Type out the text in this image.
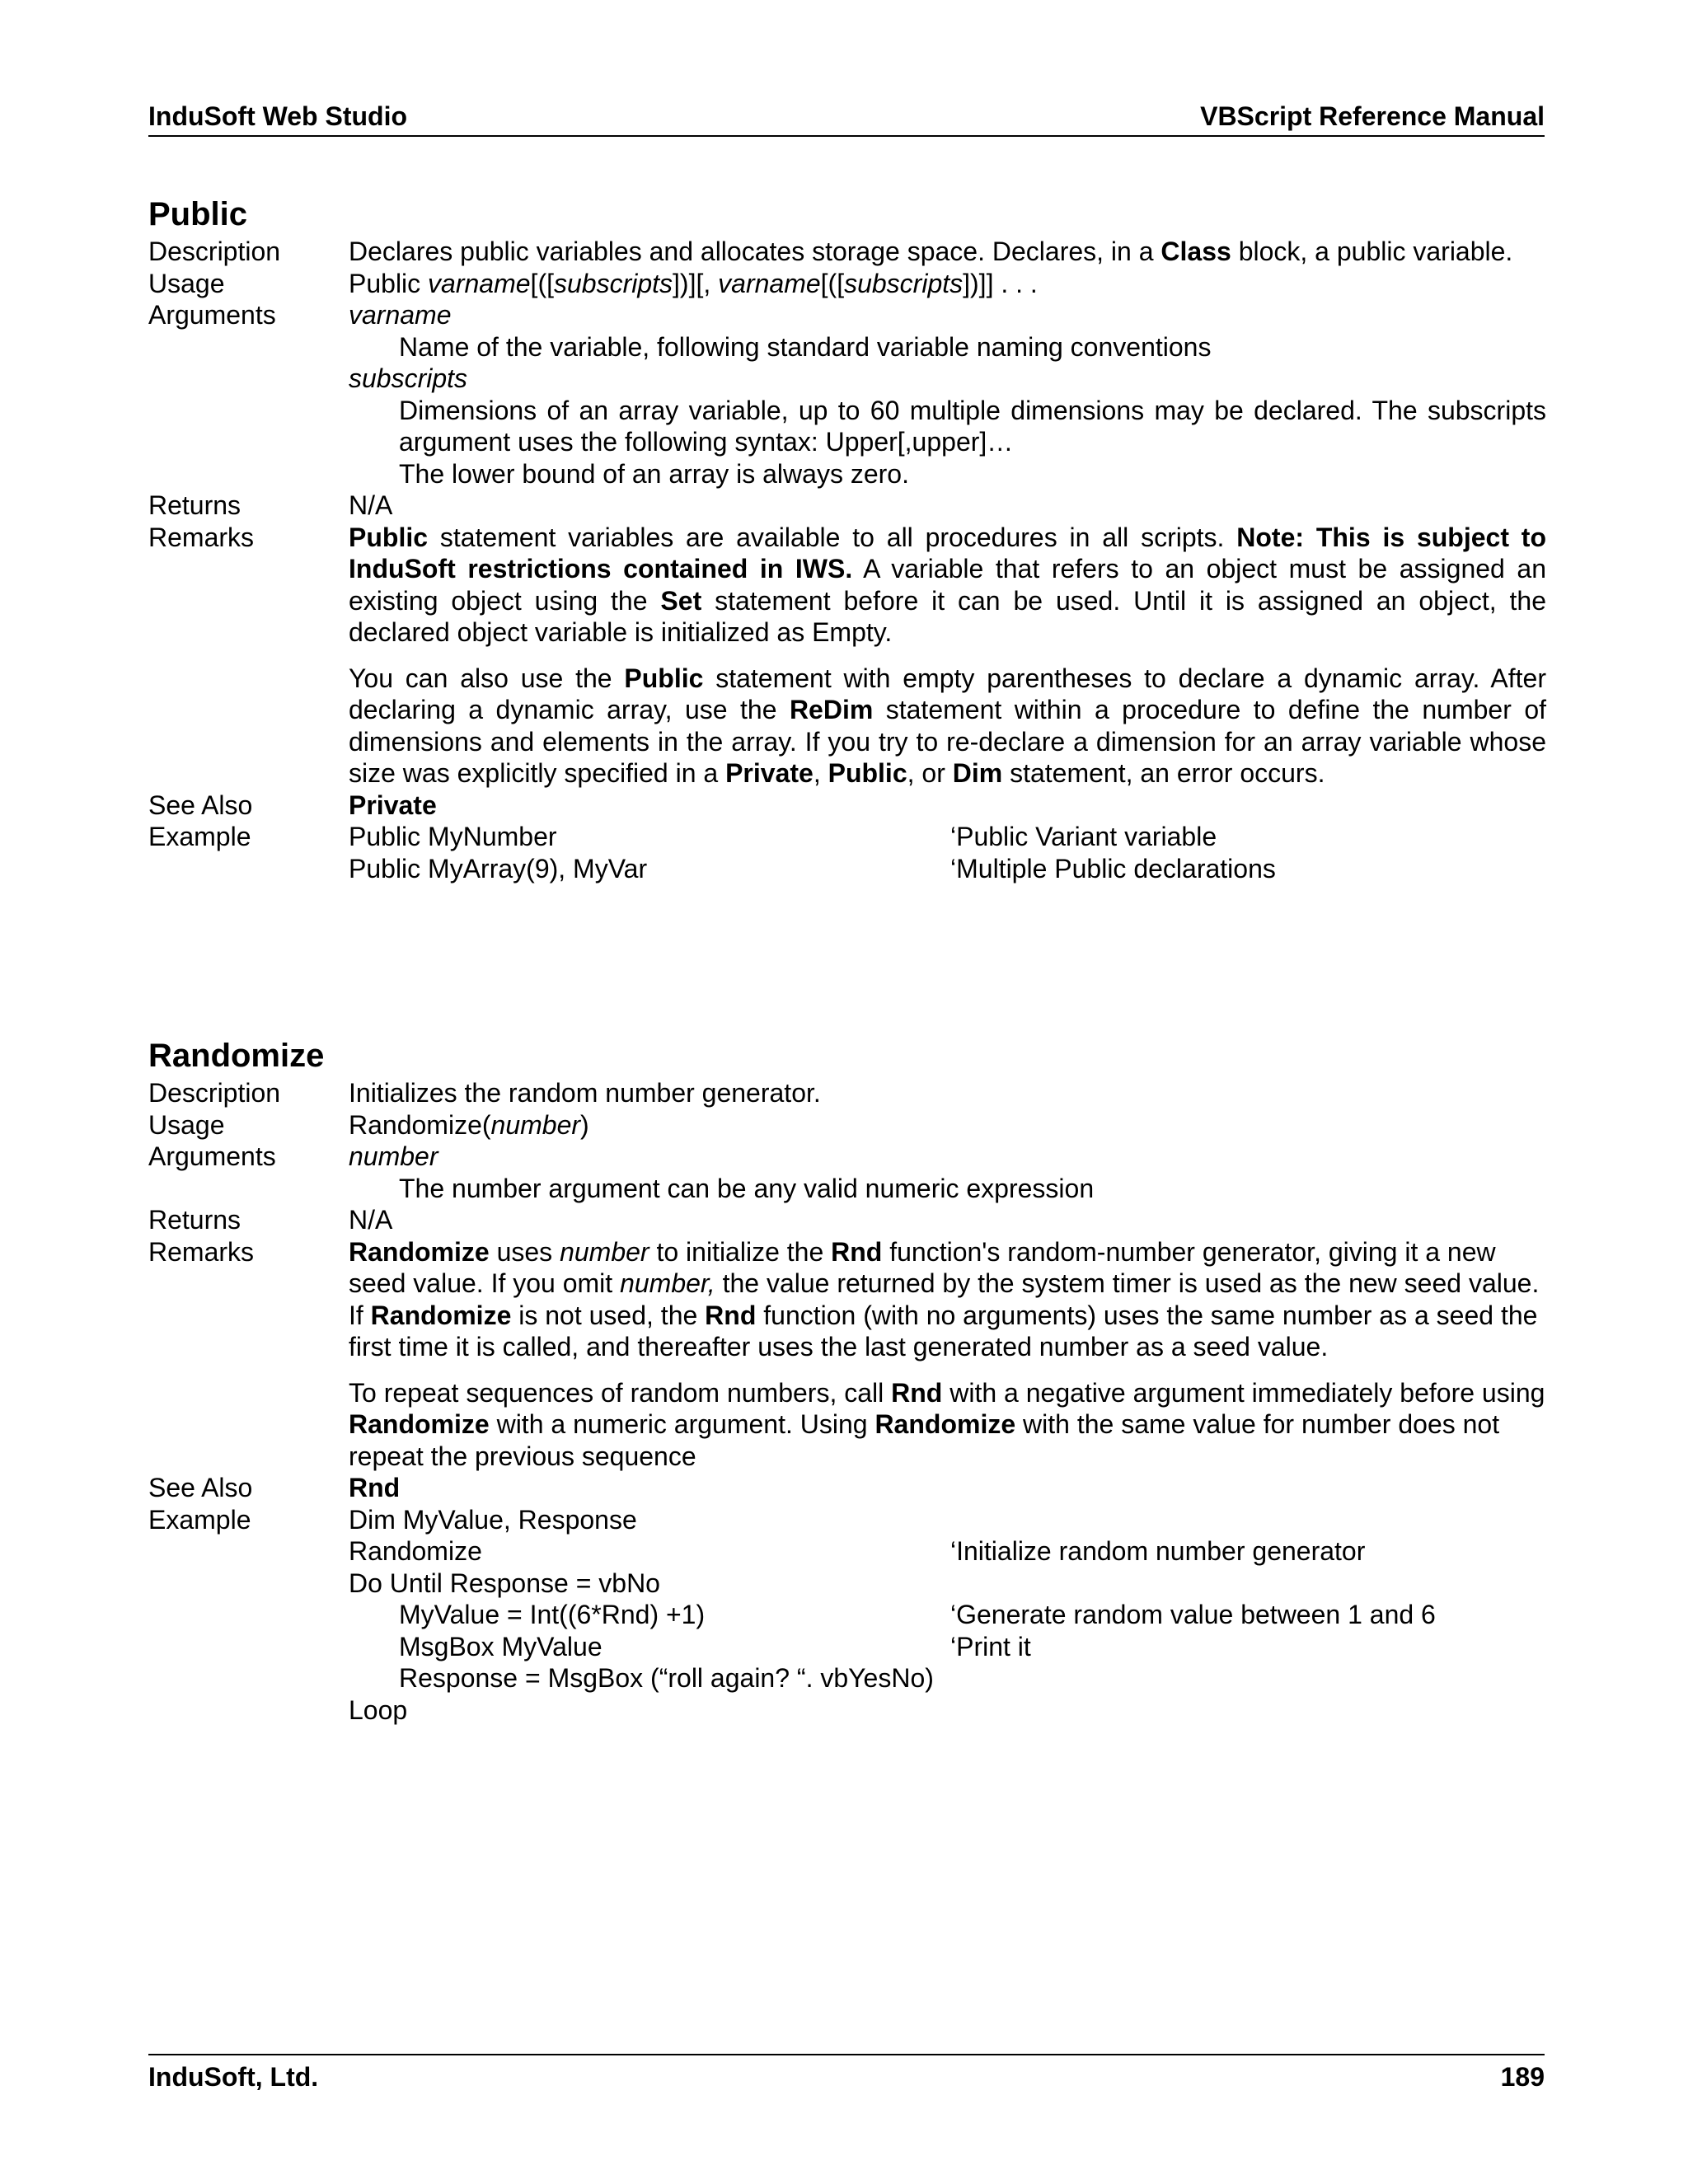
InduSoft Web Studio	VBScript Reference Manual
Public
Description	Declares public variables and allocates storage space. Declares, in a Class block, a public variable.
Usage	Public varname[([subscripts])][, varname[([subscripts])]] . . .
Arguments	varname
Name of the variable, following standard variable naming conventions
subscripts
Dimensions of an array variable, up to 60 multiple dimensions may be declared. The subscripts argument uses the following syntax: Upper[,upper]…
The lower bound of an array is always zero.
Returns	N/A
Remarks	Public statement variables are available to all procedures in all scripts. Note: This is subject to InduSoft restrictions contained in IWS. A variable that refers to an object must be assigned an existing object using the Set statement before it can be used. Until it is assigned an object, the declared object variable is initialized as Empty.
You can also use the Public statement with empty parentheses to declare a dynamic array. After declaring a dynamic array, use the ReDim statement within a procedure to define the number of dimensions and elements in the array. If you try to re-declare a dimension for an array variable whose size was explicitly specified in a Private, Public, or Dim statement, an error occurs.
See Also	Private
Example	Public MyNumber	‘Public Variant variable
Public MyArray(9), MyVar	‘Multiple Public declarations
Randomize
Description	Initializes the random number generator.
Usage	Randomize(number)
Arguments	number
The number argument can be any valid numeric expression
Returns	N/A
Remarks	Randomize uses number to initialize the Rnd function's random-number generator, giving it a new seed value. If you omit number, the value returned by the system timer is used as the new seed value. If Randomize is not used, the Rnd function (with no arguments) uses the same number as a seed the first time it is called, and thereafter uses the last generated number as a seed value.
To repeat sequences of random numbers, call Rnd with a negative argument immediately before using Randomize with a numeric argument. Using Randomize with the same value for number does not repeat the previous sequence
See Also	Rnd
Example	Dim MyValue, Response
Randomize	‘Initialize random number generator
Do Until Response = vbNo
MyValue = Int((6*Rnd) +1)	‘Generate random value between 1 and 6
MsgBox MyValue	‘Print it
Response = MsgBox (“roll again? “. vbYesNo)
Loop
InduSoft, Ltd.	189
